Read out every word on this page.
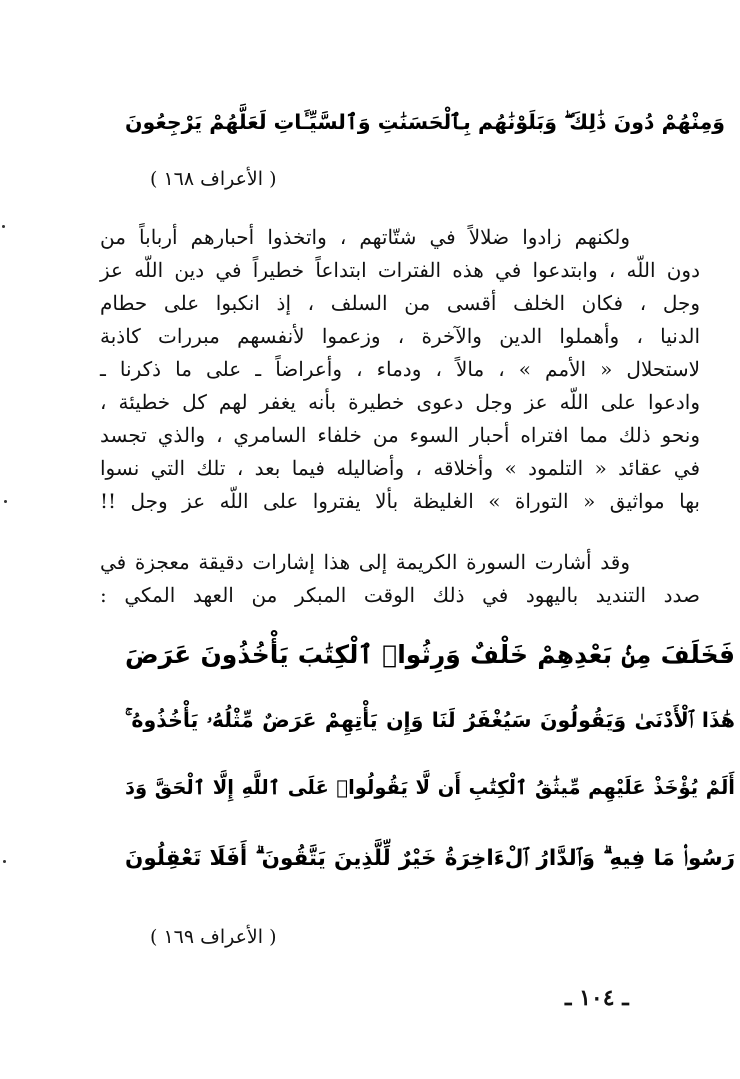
وَمِنْهُمْ دُونَ ذَٰلِكَ ۖ وَبَلَوْنَٰهُم بِٱلْحَسَنَٰتِ وَٱلسَّيِّـَٔاتِ لَعَلَّهُمْ يَرْجِعُونَ
( الأعراف ١٦٨ )
ولكنهم زادوا ضلالاً في شتّاتهم ، واتخذوا أحبارهم أرباباً من
دون اللّه ، وابتدعوا في هذه الفترات ابتداعاً خطيراً في دين اللّه عز
وجل ، فكان الخلف أقسى من السلف ، إذ انكبوا على حطام
الدنيا ، وأهملوا الدين والآخرة ، وزعموا لأنفسهم مبررات كاذبة
لاستحلال « الأمم » ، مالاً ، ودماء ، وأعراضاً ـ على ما ذكرنا ـ
وادعوا على اللّه عز وجل دعوى خطيرة بأنه يغفر لهم كل خطيئة ،
ونحو ذلك مما افتراه أحبار السوء من خلفاء السامري ، والذي تجسد
في عقائد « التلمود » وأخلاقه ، وأضاليله فيما بعد ، تلك التي نسوا
بها مواثيق « التوراة » الغليظة بألا يفتروا على اللّه عز وجل !!
وقد أشارت السورة الكريمة إلى هذا إشارات دقيقة معجزة في
صدد التنديد باليهود في ذلك الوقت المبكر من العهد المكي :
فَخَلَفَ مِنۢ بَعْدِهِمْ خَلْفٌ وَرِثُوا۟ ٱلْكِتَٰبَ يَأْخُذُونَ عَرَضَ
هَٰذَا ٱلْأَدْنَىٰ وَيَقُولُونَ سَيُغْفَرُ لَنَا وَإِن يَأْتِهِمْ عَرَضٌ مِّثْلُهُۥ يَأْخُذُوهُ ۚ
أَلَمْ يُؤْخَذْ عَلَيْهِم مِّيثَٰقُ ٱلْكِتَٰبِ أَن لَّا يَقُولُوا۟ عَلَى ٱللَّهِ إِلَّا ٱلْحَقَّ وَدَ
رَسُوا۟ مَا فِيهِ ۗ وَٱلدَّارُ ٱلْءَاخِرَةُ خَيْرٌ لِّلَّذِينَ يَتَّقُونَ ۗ أَفَلَا تَعْقِلُونَ
( الأعراف ١٦٩ )
ـ ١٠٤ ـ
